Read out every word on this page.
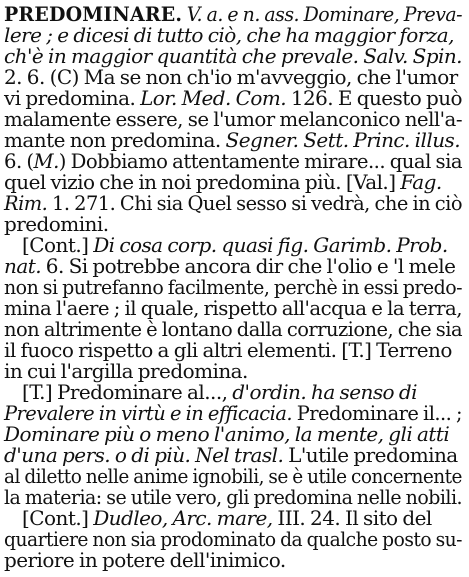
PREDOMINARE. V. a. e n. ass. Dominare, Preva-
lere ; e dicesi di tutto ciò, che ha maggior forza,
ch'è in maggior quantità che prevale. Salv. Spin.
2. 6. (C) Ma se non ch'io m'avveggio, che l'umor
vi predomina. Lor. Med. Com. 126. E questo può
malamente essere, se l'umor melanconico nell'a-
mante non predomina. Segner. Sett. Princ. illus.
6. (M.) Dobbiamo attentamente mirare... qual sia
quel vizio che in noi predomina più. [Val.] Fag.
Rim. 1. 271. Chi sia Quel sesso si vedrà, che in ciò
predomini.
[Cont.] Di cosa corp. quasi fig. Garimb. Prob.
nat. 6. Si potrebbe ancora dir che l'olio e 'l mele
non si putrefanno facilmente, perchè in essi predo-
mina l'aere ; il quale, rispetto all'acqua e la terra,
non altrimente è lontano dalla corruzione, che sia
il fuoco rispetto a gli altri elementi. [T.] Terreno
in cui l'argilla predomina.
[T.] Predominare al..., d'ordin. ha senso di
Prevalere in virtù e in efficacia. Predominare il... ;
Dominare più o meno l'animo, la mente, gli atti
d'una pers. o di più. Nel trasl. L'utile predomina
al diletto nelle anime ignobili, se è utile concernente
la materia: se utile vero, gli predomina nelle nobili.
[Cont.] Dudleo, Arc. mare, III. 24. Il sito del
quartiere non sia prodominato da qualche posto su-
periore in potere dell'inimico.
